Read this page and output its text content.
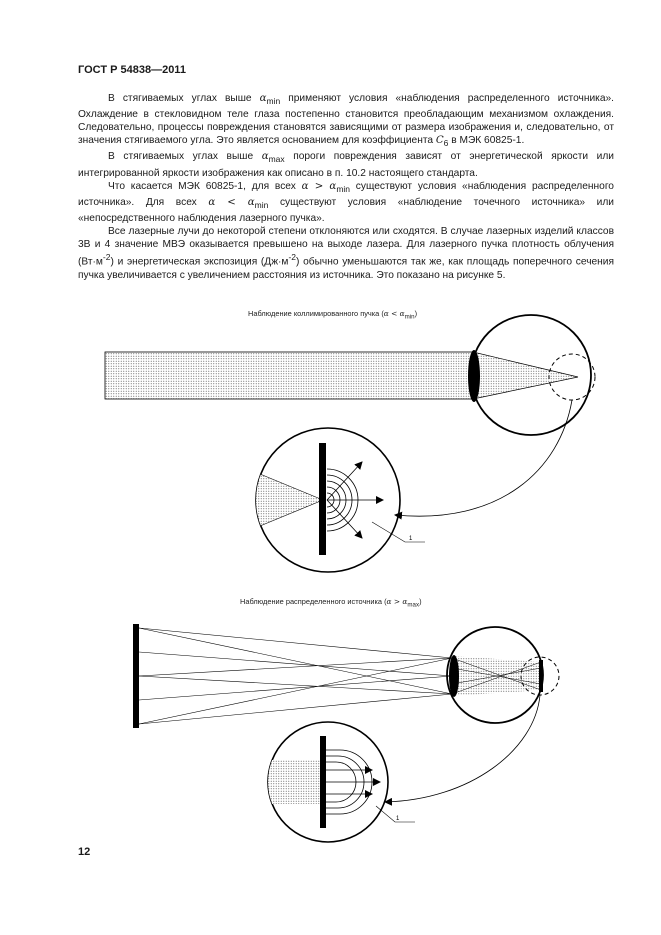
ГОСТ Р 54838—2011

В стягиваемых углах выше $\alpha_{min}$ применяют условия «наблюдения распределенного источника». Охлаждение в стекловидном теле глаза постепенно становится преобладающим механизмом охлаждения. Следовательно, процессы повреждения становятся зависящими от размера изображения и, следовательно, от значения стягиваемого угла. Это является основанием для коэффициента $C_6$ в МЭК 60825-1.

В стягиваемых углах выше $\alpha_{max}$ пороги повреждения зависят от энергетической яркости или интегрированной яркости изображения как описано в п. 10.2 настоящего стандарта.

Что касается МЭК 60825-1, для всех $\alpha > \alpha_{min}$ существуют условия «наблюдения распределенного источника». Для всех $\alpha < \alpha_{min}$ существуют условия «наблюдение точечного источника» или «непосредственного наблюдения лазерного пучка».

Все лазерные лучи до некоторой степени отклоняются или сходятся. В случае лазерных изделий классов 3В и 4 значение МВЭ оказывается превышено на выходе лазера. Для лазерного пучка плотность облучения $(Вт\cdot м^{-2})$ и энергетическая экспозиция $(Дж\cdot м^{-2})$ обычно уменьшаются так же, как площадь поперечного сечения пучка увеличивается с увеличением расстояния из источника. Это показано на рисунке 5.

Наблюдение коллимированного пучка $(\alpha < \alpha_{min})$
Наблюдение распределенного источника $(\alpha > \alpha_{max})$
1
1
12
